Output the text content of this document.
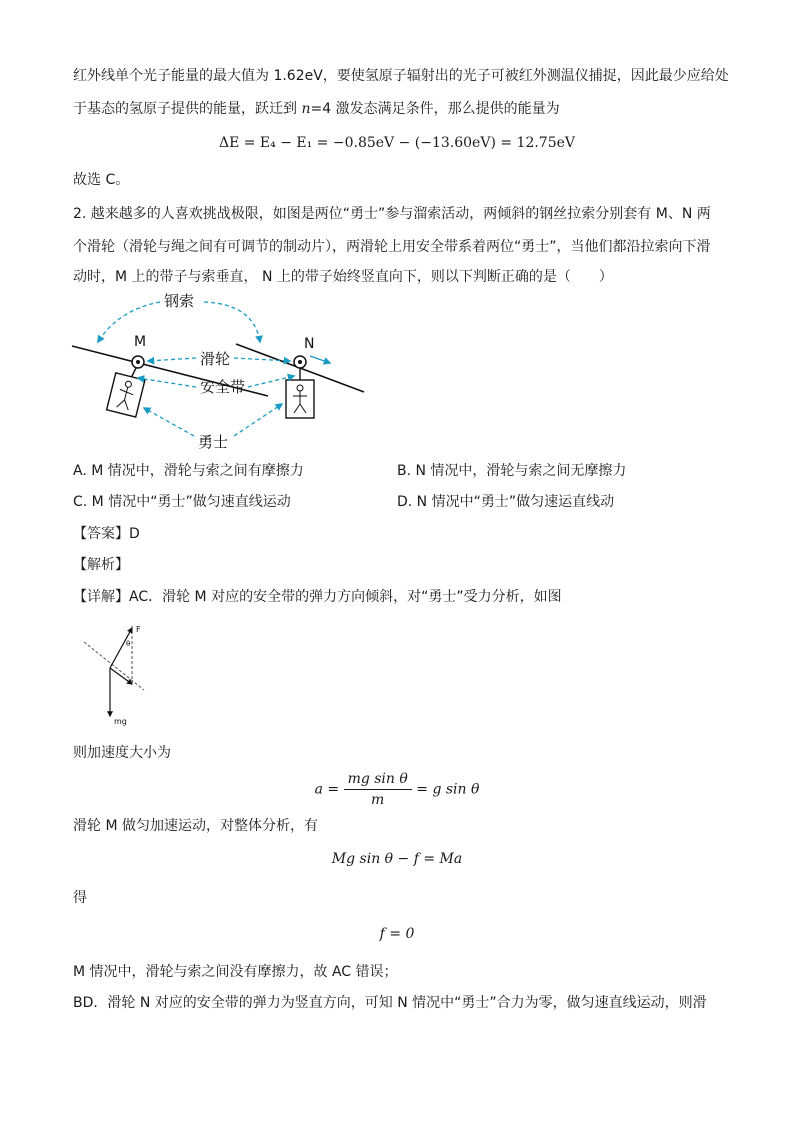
红外线单个光子能量的最大值为 1.62eV，要使氢原子辐射出的光子可被红外测温仪捕捉，因此最少应给处
于基态的氢原子提供的能量，跃迁到 n=4 激发态满足条件，那么提供的能量为
ΔE = E₄ − E₁ = −0.85eV − (−13.60eV) = 12.75eV
故选 C。
2. 越来越多的人喜欢挑战极限，如图是两位“勇士”参与溜索活动，两倾斜的钢丝拉索分别套有 M、N 两
个滑轮（滑轮与绳之间有可调节的制动片），两滑轮上用安全带系着两位“勇士”，当他们都沿拉索向下滑
动时，M 上的带子与索垂直， N 上的带子始终竖直向下，则以下判断正确的是（　　）
M	N
钢索
滑轮
安全带
勇士
A. M 情况中，滑轮与索之间有摩擦力	B. N 情况中，滑轮与索之间无摩擦力
C. M 情况中“勇士”做匀速直线运动	D. N 情况中“勇士”做匀速运直线动
【答案】D
【解析】
【详解】AC．滑轮 M 对应的安全带的弹力方向倾斜，对“勇士”受力分析，如图
F
θ
mg
则加速度大小为
$a = \frac{\text{mg sin θ}}{m} = g$ sin θ
滑轮 M 做匀加速运动，对整体分析，有
Mg sin θ − f = Ma
得
f = 0
M 情况中，滑轮与索之间没有摩擦力，故 AC 错误；
BD．滑轮 N 对应的安全带的弹力为竖直方向，可知 N 情况中“勇士”合力为零，做匀速直线运动，则滑
